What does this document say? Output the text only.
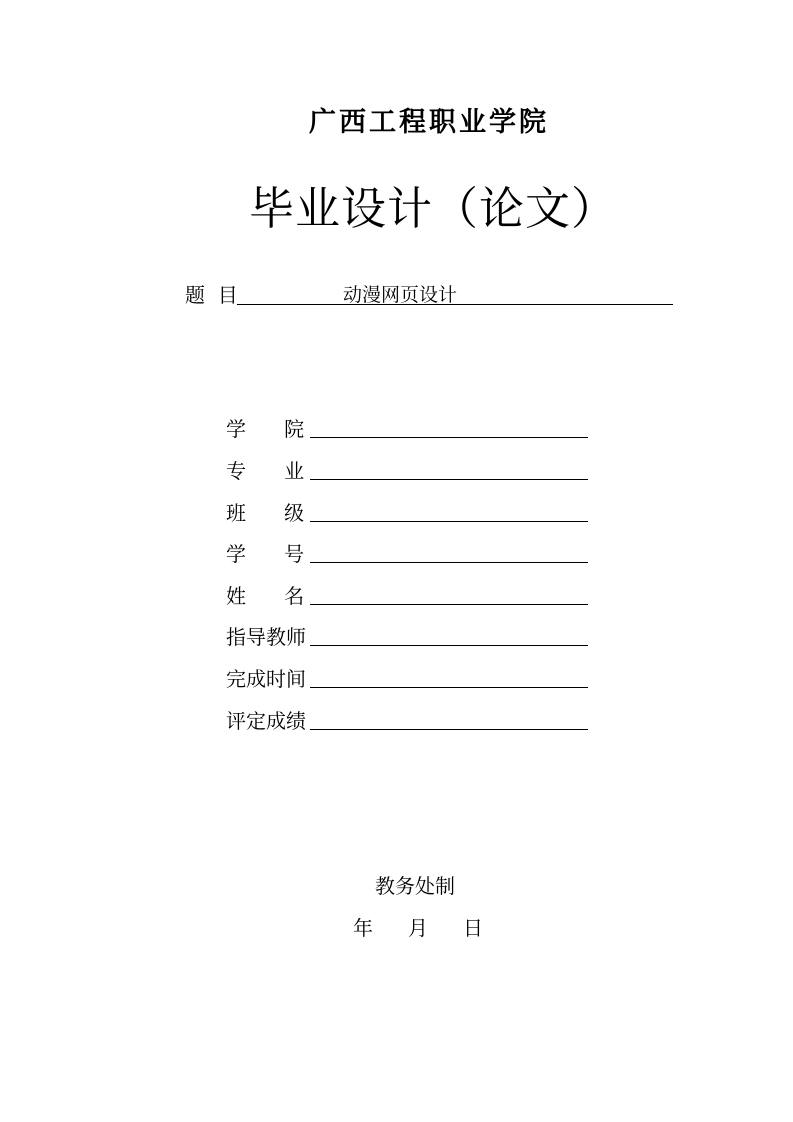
广西工程职业学院
毕业设计（论文）
题  目	动漫网页设计
学      院
专      业
班      级
学      号
姓      名
指导教师
完成时间
评定成绩
教务处制
年 月 日
